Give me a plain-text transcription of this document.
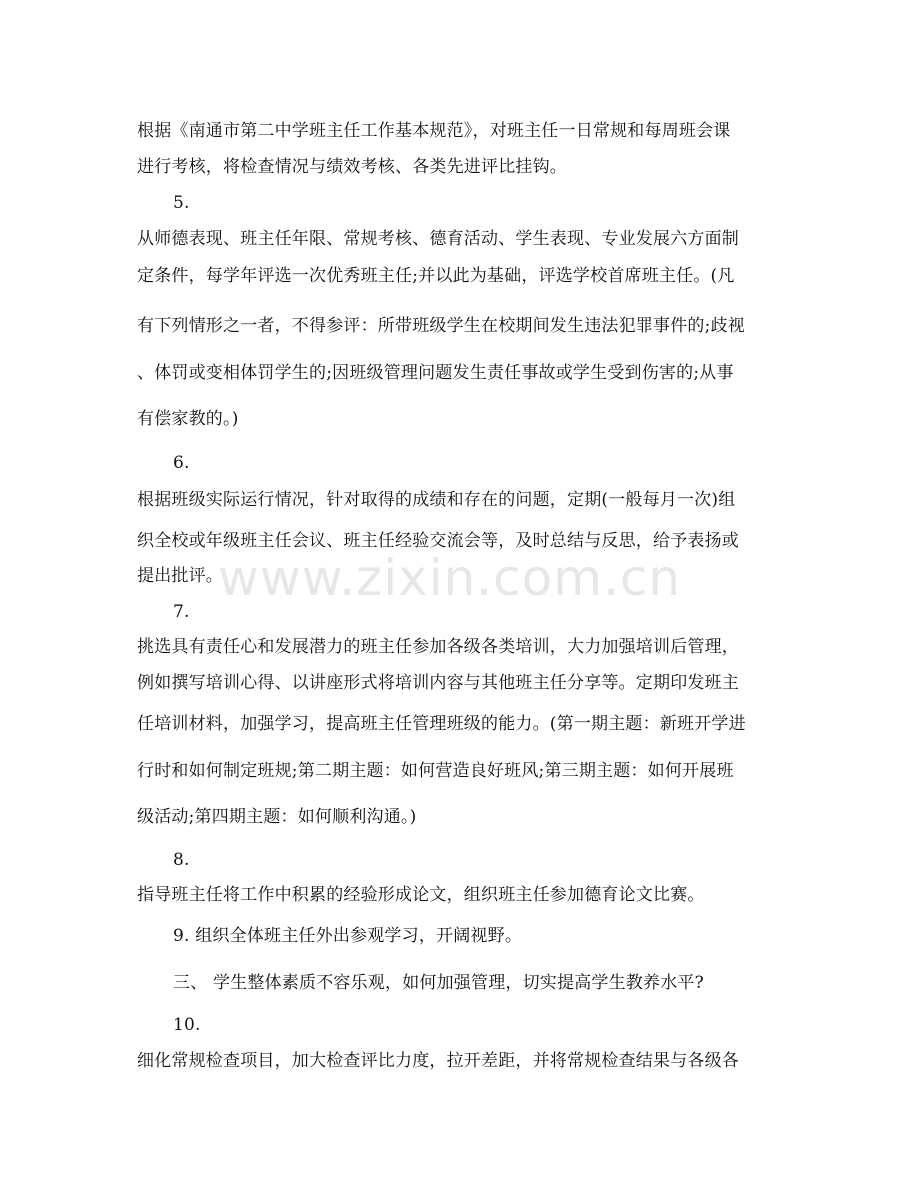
根据《南通市第二中学班主任工作基本规范》，对班主任一日常规和每周班会课
进行考核，将检查情况与绩效考核、各类先进评比挂钩。
5.
从师德表现、班主任年限、常规考核、德育活动、学生表现、专业发展六方面制
定条件，每学年评选一次优秀班主任;并以此为基础，评选学校首席班主任。(凡
有下列情形之一者，不得参评：所带班级学生在校期间发生违法犯罪事件的;歧视
、体罚或变相体罚学生的;因班级管理问题发生责任事故或学生受到伤害的;从事
有偿家教的。)
6.
根据班级实际运行情况，针对取得的成绩和存在的问题，定期(一般每月一次)组
织全校或年级班主任会议、班主任经验交流会等，及时总结与反思，给予表扬或
提出批评。
7.
挑选具有责任心和发展潜力的班主任参加各级各类培训，大力加强培训后管理，
例如撰写培训心得、以讲座形式将培训内容与其他班主任分享等。定期印发班主
任培训材料，加强学习，提高班主任管理班级的能力。(第一期主题：新班开学进
行时和如何制定班规;第二期主题：如何营造良好班风;第三期主题：如何开展班
级活动;第四期主题：如何顺利沟通。)
8.
指导班主任将工作中积累的经验形成论文，组织班主任参加德育论文比赛。
9. 组织全体班主任外出参观学习，开阔视野。
三、 学生整体素质不容乐观，如何加强管理，切实提高学生教养水平?
10.
细化常规检查项目，加大检查评比力度，拉开差距，并将常规检查结果与各级各
www.zixin.com.cn
